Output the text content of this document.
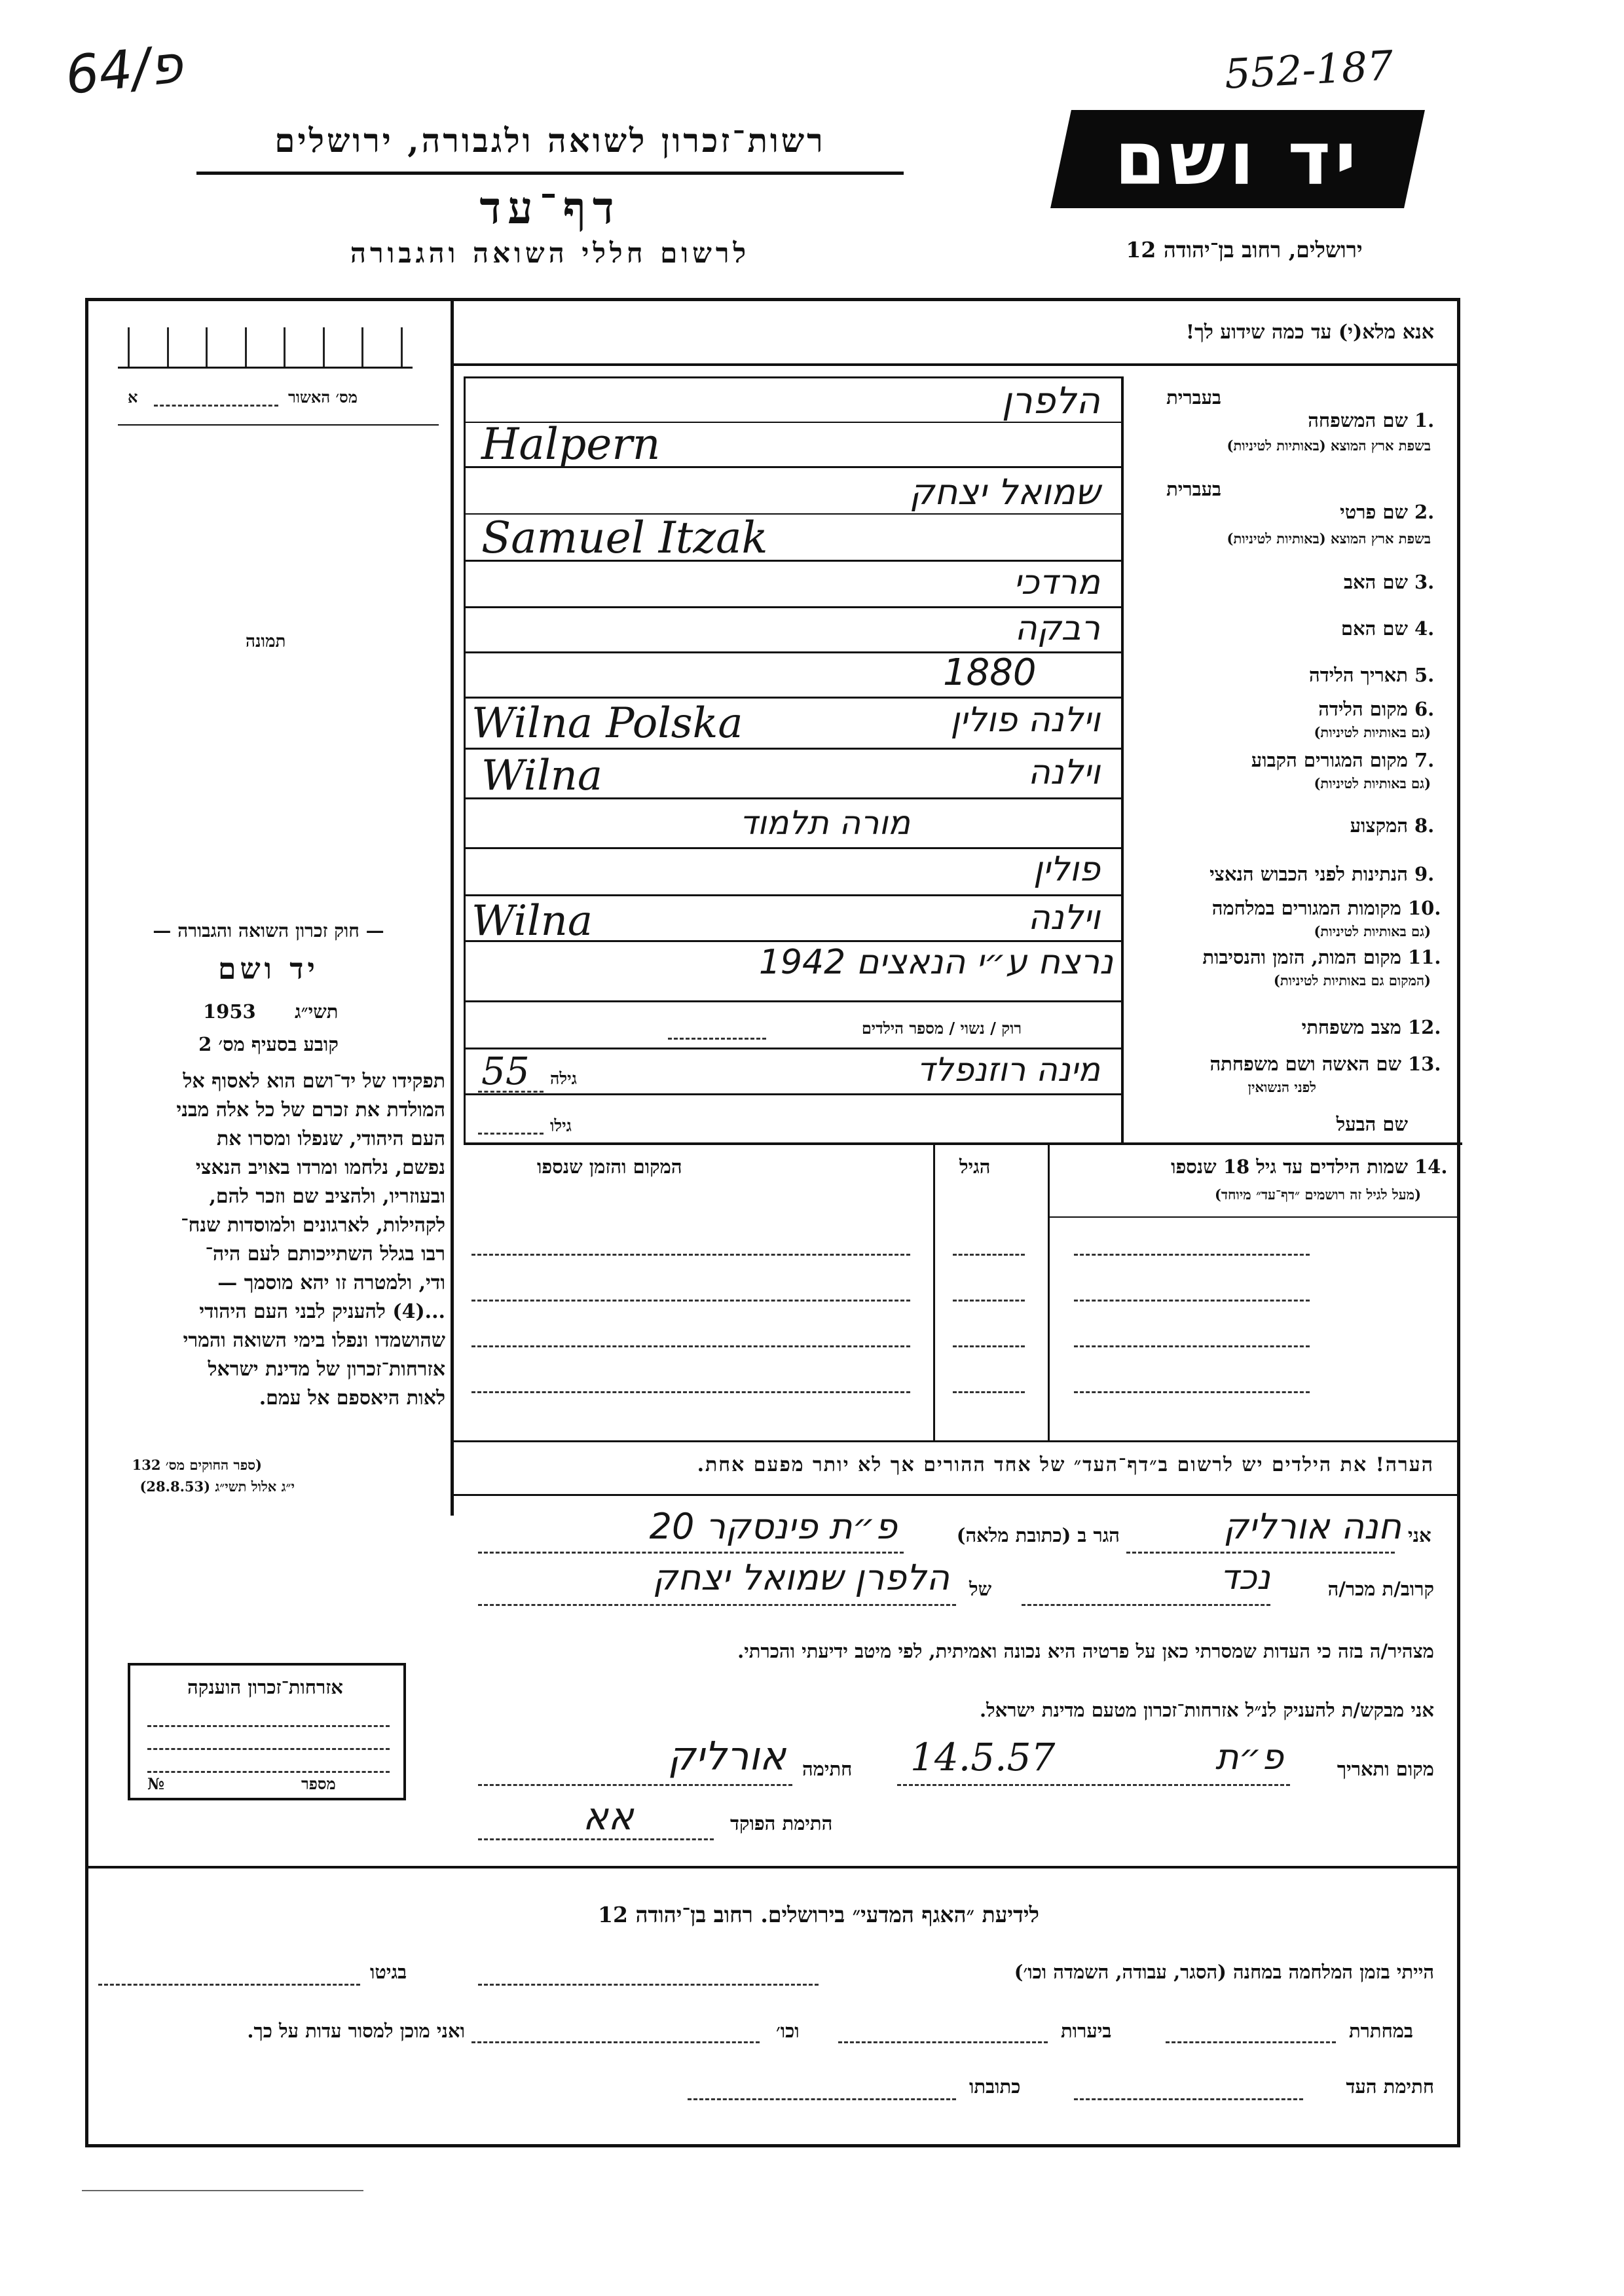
פ/64	552-187
רשות־זכרון לשואה ולגבורה, ירושלים
דף־עד
לרשום חללי השואה והגבורה
יד ושם
ירושלים, רחוב בן־יהודה 12
אנא מלא(י) עד כמה שידוע לך!
מס׳ האשור
א
תמונה
בעברית
1.
שם המשפחה
בשפת ארץ המוצא (באותיות לטיניות)
הלפרן
Halpern
בעברית
2.
שם פרטי
בשפת ארץ המוצא (באותיות לטיניות)
שמואל יצחק
Samuel Itzak
3.
שם האב
מרדכי
4.
שם האם
רבקה
5.
תאריך הלידה
1880
6.
מקום הלידה
(גם באותיות לטיניות)
וילנה פולין
Wilna Polska
7.
מקום המגורים הקבוע
(גם באותיות לטיניות)
וילנה
Wilna
8.
המקצוע
מורה תלמוד
9.
הנתינות לפני הכבוש הנאצי
פולין
10.
מקומות המגורים במלחמה
(גם באותיות לטיניות)
וילנה
Wilna
11.
מקום המות, הזמן והנסיבות
(המקום גם באותיות לטיניות)
נרצח ע״י הנאצים 1942
12.
מצב משפחתי
רוק / נשוי / מספר הילדים
13.
שם האשה ושם משפחתה
לפני הנשואין
מינה רוזנפלד
גילה
55
שם הבעל
גילו
14.
שמות הילדים עד גיל 18 שנספו
(מעל לגיל זה רושמים ״דף־עד״ מיוחד)
הגיל
המקום והזמן שנספו
— חוק זכרון השואה והגבורה —
יד ושם
תשי״ג
1953
קובע בסעיף מס׳ 2
תפקידו של יד־ושם הוא לאסוף אל
המולדת את זכרם של כל אלה מבני
העם היהודי, שנפלו ומסרו את
נפשם, נלחמו ומרדו באויב הנאצי
ובעוזריו, ולהציב שם וזכר להם,
לקהילות, לארגונים ולמוסדות שנח־
רבו בגלל השתייכותם לעם היה־
ודי, ולמטרה זו יהא מוסמך —
...(4) להעניק לבני העם היהודי
שהושמדו ונפלו בימי השואה והמרי
אזרחות־זכרון של מדינת ישראל
לאות היאספם אל עמם.
(ספר החוקים מס׳ 132
י״ג אלול תשי״ג (28.8.53)
הערה! את הילדים יש לרשום ב״דף־העד״ של אחד ההורים אך לא יותר מפעם אחת.
אני
חנה אורליק
הגר ב (כתובת מלאה)
פ״ת פינסקר 20
קרוב/ת מכר/ה
נכד
של
הלפרן שמואל יצחק
מצהיר/ה בזה כי העדות שמסרתי כאן על פרטיה היא נכונה ואמיתית, לפי מיטב ידיעתי והכרתי.
אני מבקש/ת להעניק לנ״ל אזרחות־זכרון מטעם מדינת ישראל.
מקום ותאריך
פ״ת
14.5.57
חתימה
אורליק
התימת הפוקד
אא
אזרחות־זכרון הוענקה
מספר
№
לידיעת ״האגף המדעי״ בירושלים. רחוב בן־יהודה 12
הייתי בזמן המלחמה במחנה (הסגר, עבודה, השמדה וכו׳)
בגיטו
במחתרת
ביערות
וכו׳
ואני מוכן למסור עדות על כך.
חתימת העד
כתובתו
